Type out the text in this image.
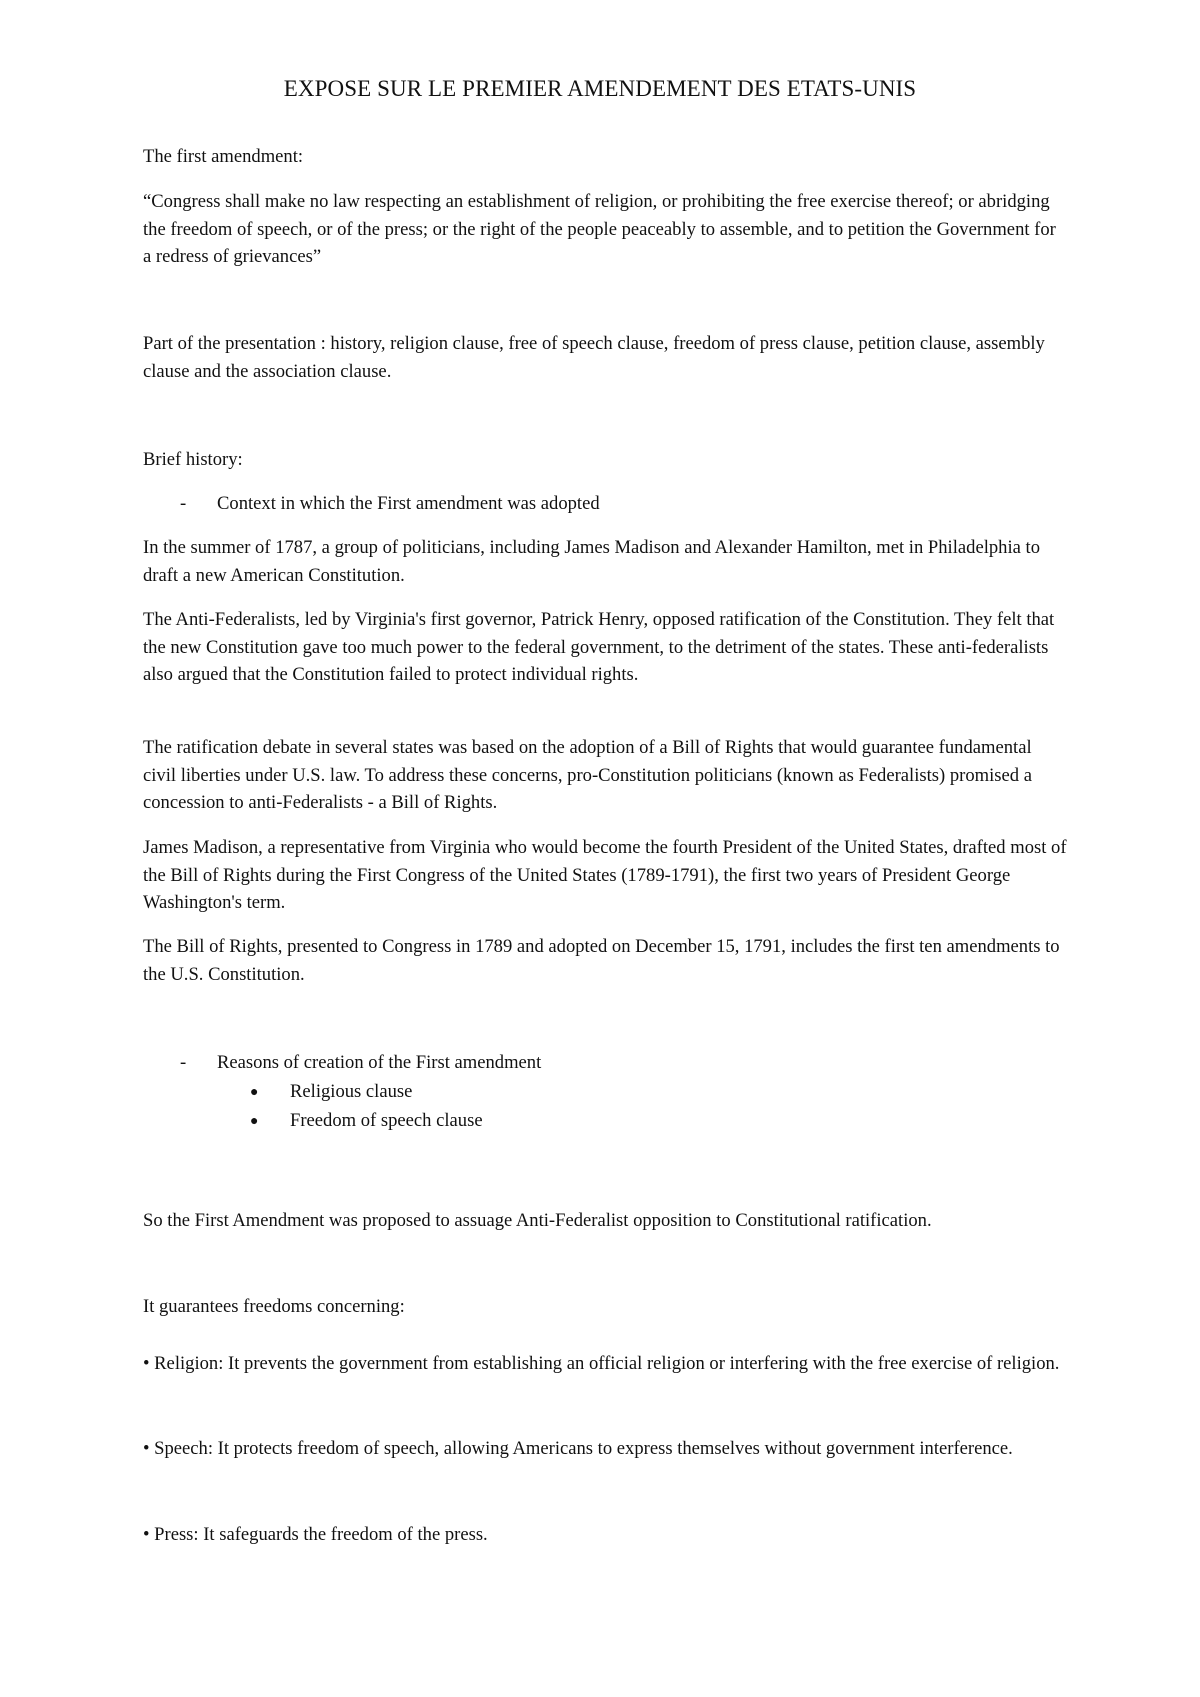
EXPOSE SUR LE PREMIER AMENDEMENT DES ETATS-UNIS

The first amendment:

“Congress shall make no law respecting an establishment of religion, or prohibiting the free exercise thereof; or abridging the freedom of speech, or of the press; or the right of the people peaceably to assemble, and to petition the Government for a redress of grievances”

Part of the presentation : history, religion clause, free of speech clause, freedom of press clause, petition clause, assembly clause and the association clause.

Brief history:

- Context in which the First amendment was adopted

In the summer of 1787, a group of politicians, including James Madison and Alexander Hamilton, met in Philadelphia to draft a new American Constitution.

The Anti-Federalists, led by Virginia's first governor, Patrick Henry, opposed ratification of the Constitution. They felt that the new Constitution gave too much power to the federal government, to the detriment of the states. These anti-federalists also argued that the Constitution failed to protect individual rights.

The ratification debate in several states was based on the adoption of a Bill of Rights that would guarantee fundamental civil liberties under U.S. law. To address these concerns, pro-Constitution politicians (known as Federalists) promised a concession to anti-Federalists - a Bill of Rights.

James Madison, a representative from Virginia who would become the fourth President of the United States, drafted most of the Bill of Rights during the First Congress of the United States (1789-1791), the first two years of President George Washington's term.

The Bill of Rights, presented to Congress in 1789 and adopted on December 15, 1791, includes the first ten amendments to the U.S. Constitution.

- Reasons of creation of the First amendment
● Religious clause
● Freedom of speech clause

So the First Amendment was proposed to assuage Anti-Federalist opposition to Constitutional ratification.

It guarantees freedoms concerning:

• Religion: It prevents the government from establishing an official religion or interfering with the free exercise of religion.

• Speech: It protects freedom of speech, allowing Americans to express themselves without government interference.

• Press: It safeguards the freedom of the press.
